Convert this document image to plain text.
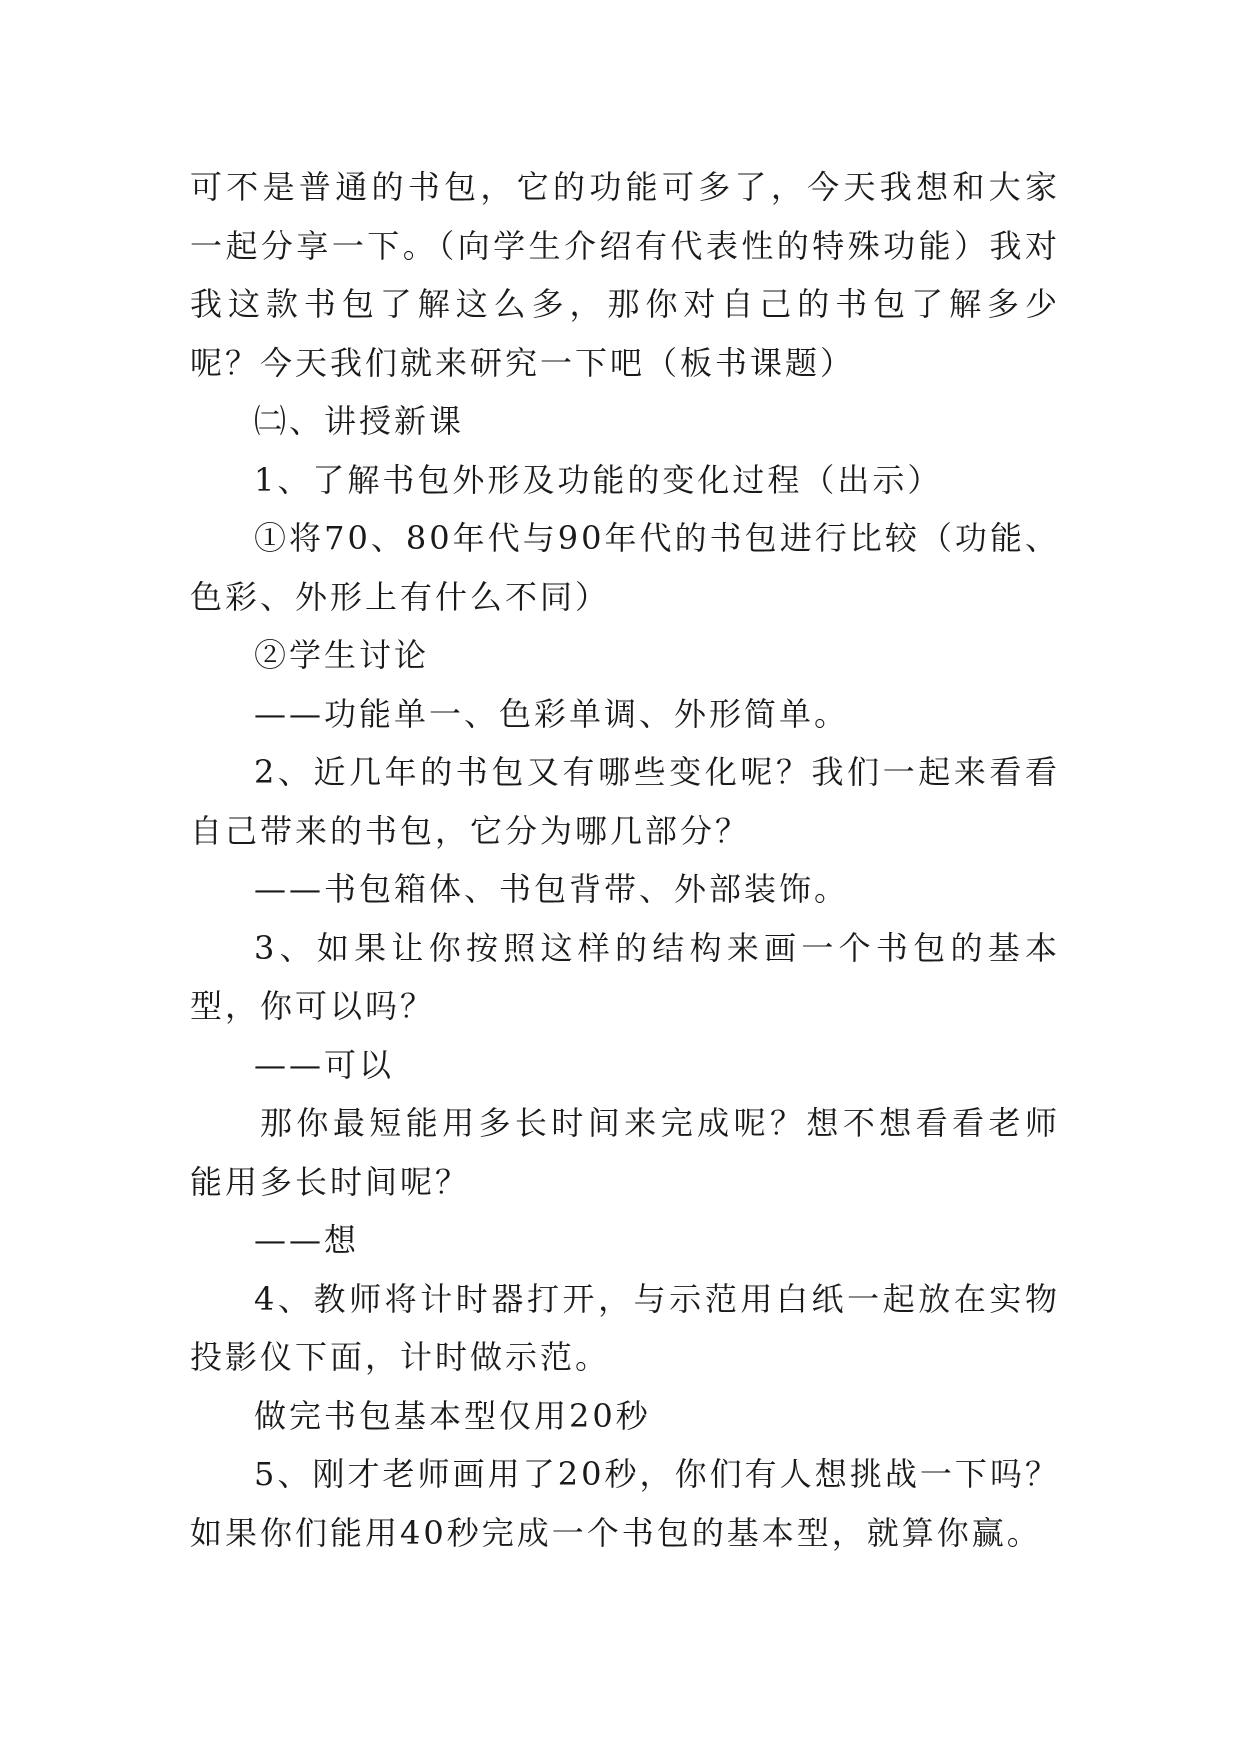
可不是普通的书包，它的功能可多了，今天我想和大家一起分享一下。（向学生介绍有代表性的特殊功能）我对我这款书包了解这么多，那你对自己的书包了解多少呢？今天我们就来研究一下吧（板书课题）

㈡、讲授新课

1、了解书包外形及功能的变化过程（出示）

①将70、80年代与90年代的书包进行比较（功能、色彩、外形上有什么不同）

②学生讨论

——功能单一、色彩单调、外形简单。

2、近几年的书包又有哪些变化呢？我们一起来看看自己带来的书包，它分为哪几部分？

——书包箱体、书包背带、外部装饰。

3、如果让你按照这样的结构来画一个书包的基本型，你可以吗？

——可以

那你最短能用多长时间来完成呢？想不想看看老师能用多长时间呢？

——想

4、教师将计时器打开，与示范用白纸一起放在实物投影仪下面，计时做示范。

做完书包基本型仅用20秒

5、刚才老师画用了20秒，你们有人想挑战一下吗？如果你们能用40秒完成一个书包的基本型，就算你赢。
